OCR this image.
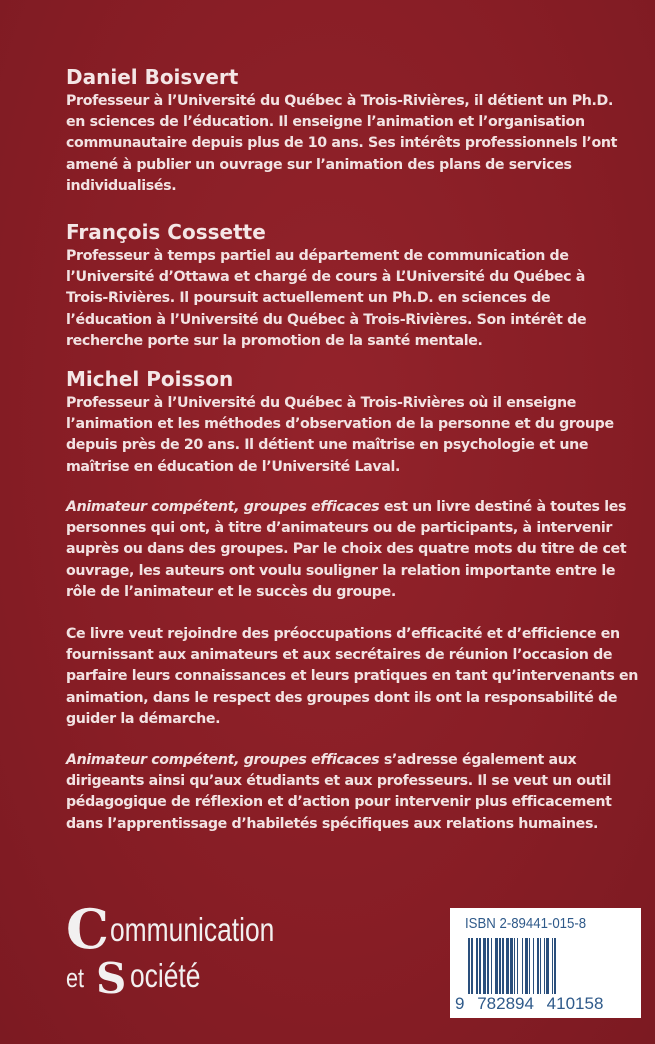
Daniel Boisvert
Professeur à l’Université du Québec à Trois-Rivières, il détient un Ph.D.
en sciences de l’éducation. Il enseigne l’animation et l’organisation
communautaire depuis plus de 10 ans. Ses intérêts professionnels l’ont
amené à publier un ouvrage sur l’animation des plans de services
individualisés.
François Cossette
Professeur à temps partiel au département de communication de
l’Université d’Ottawa et chargé de cours à L’Université du Québec à
Trois-Rivières. Il poursuit actuellement un Ph.D. en sciences de
l’éducation à l’Université du Québec à Trois-Rivières. Son intérêt de
recherche porte sur la promotion de la santé mentale.
Michel Poisson
Professeur à l’Université du Québec à Trois-Rivières où il enseigne
l’animation et les méthodes d’observation de la personne et du groupe
depuis près de 20 ans. Il détient une maîtrise en psychologie et une
maîtrise en éducation de l’Université Laval.
Animateur compétent, groupes efficaces est un livre destiné à toutes les
personnes qui ont, à titre d’animateurs ou de participants, à intervenir
auprès ou dans des groupes. Par le choix des quatre mots du titre de cet
ouvrage, les auteurs ont voulu souligner la relation importante entre le
rôle de l’animateur et le succès du groupe.
Ce livre veut rejoindre des préoccupations d’efficacité et d’efficience en
fournissant aux animateurs et aux secrétaires de réunion l’occasion de
parfaire leurs connaissances et leurs pratiques en tant qu’intervenants en
animation, dans le respect des groupes dont ils ont la responsabilité de
guider la démarche.
Animateur compétent, groupes efficaces s’adresse également aux
dirigeants ainsi qu’aux étudiants et aux professeurs. Il se veut un outil
pédagogique de réflexion et d’action pour intervenir plus efficacement
dans l’apprentissage d’habiletés spécifiques aux relations humaines.
C ommunication
et S ociété
ISBN 2-89441-015-8
9 782894 410158
